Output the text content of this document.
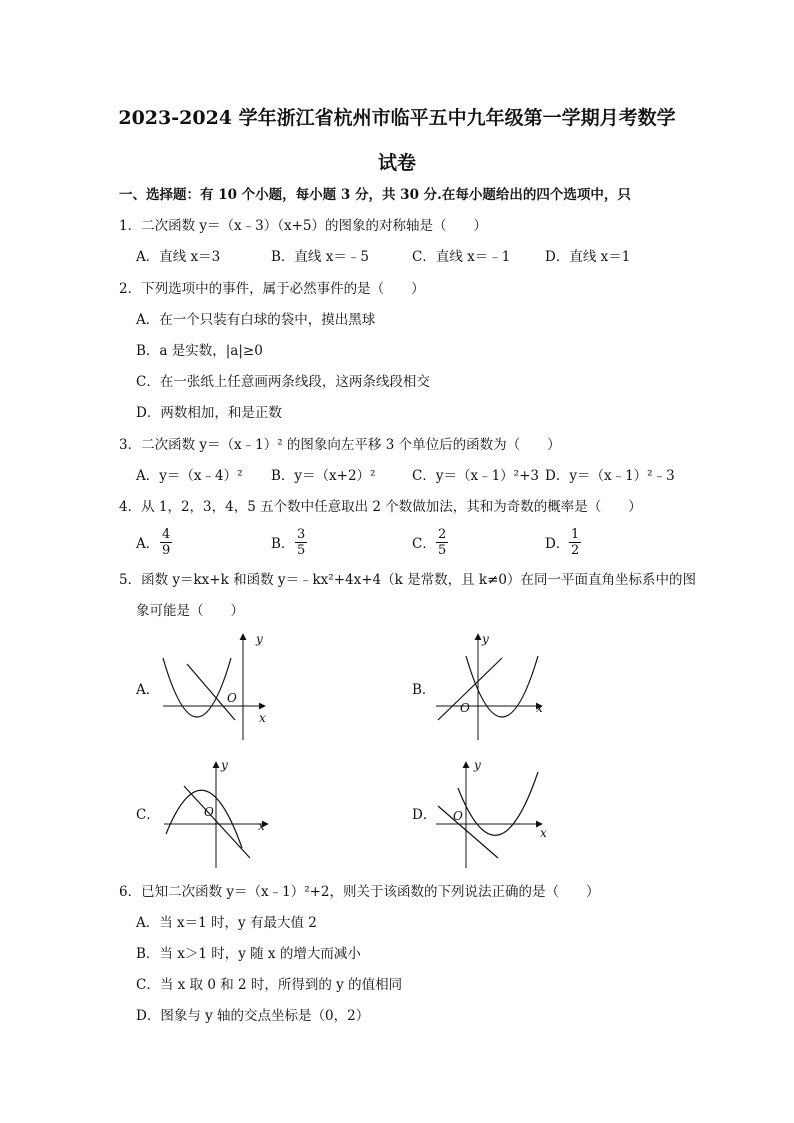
2023-2024 学年浙江省杭州市临平五中九年级第一学期月考数学
试卷
一、选择题：有 10 个小题，每小题 3 分，共 30 分.在每小题给出的四个选项中，只
1．二次函数 y＝（x﹣3）（x+5）的图象的对称轴是（　　）
A．直线 x＝3	B．直线 x＝﹣5	C．直线 x＝﹣1	D．直线 x＝1
2．下列选项中的事件，属于必然事件的是（　　）
A．在一个只装有白球的袋中，摸出黑球
B．a 是实数，|a|≥0
C．在一张纸上任意画两条线段，这两条线段相交
D．两数相加，和是正数
3．二次函数 y＝（x﹣1）² 的图象向左平移 3 个单位后的函数为（　　）
A．y＝（x﹣4）² B．y＝（x+2）²	C．y＝（x﹣1）²+3 D．y＝（x﹣1）²﹣3
4．从 1，2，3，4，5 五个数中任意取出 2 个数做加法，其和为奇数的概率是（　　）
A． $\frac{4}{9}$	B． $\frac{3}{5}$	C． $\frac{2}{5}$	D． $\frac{1}{2}$
5．函数 y＝kx+k 和函数 y＝﹣kx²+4x+4（k 是常数，且 k≠0）在同一平面直角坐标系中的图
象可能是（　　）
A．
y
x
O	B．
y
x
O
C．
y
x
O	D．
y
x
O
6．已知二次函数 y＝（x﹣1）²+2，则关于该函数的下列说法正确的是（　　）
A．当 x＝1 时，y 有最大值 2
B．当 x＞1 时，y 随 x 的增大而减小
C．当 x 取 0 和 2 时，所得到的 y 的值相同
D．图象与 y 轴的交点坐标是（0，2）
